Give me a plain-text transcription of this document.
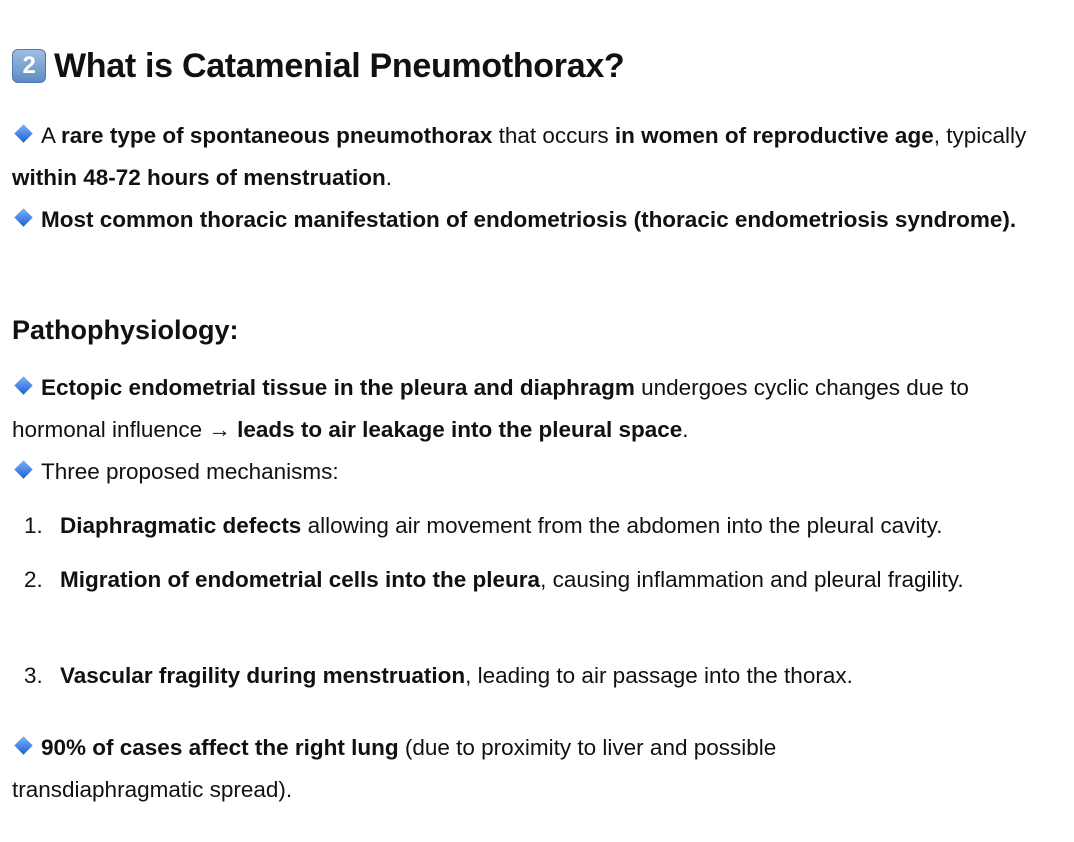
2 What is Catamenial Pneumothorax?

A rare type of spontaneous pneumothorax that occurs in women of reproductive age, typically within 48-72 hours of menstruation.

Most common thoracic manifestation of endometriosis (thoracic endometriosis syndrome).

Pathophysiology:

Ectopic endometrial tissue in the pleura and diaphragm undergoes cyclic changes due to hormonal influence → leads to air leakage into the pleural space.

Three proposed mechanisms:

1. Diaphragmatic defects allowing air movement from the abdomen into the pleural cavity.
2. Migration of endometrial cells into the pleura, causing inflammation and pleural fragility.
3. Vascular fragility during menstruation, leading to air passage into the thorax.

90% of cases affect the right lung (due to proximity to liver and possible transdiaphragmatic spread).
